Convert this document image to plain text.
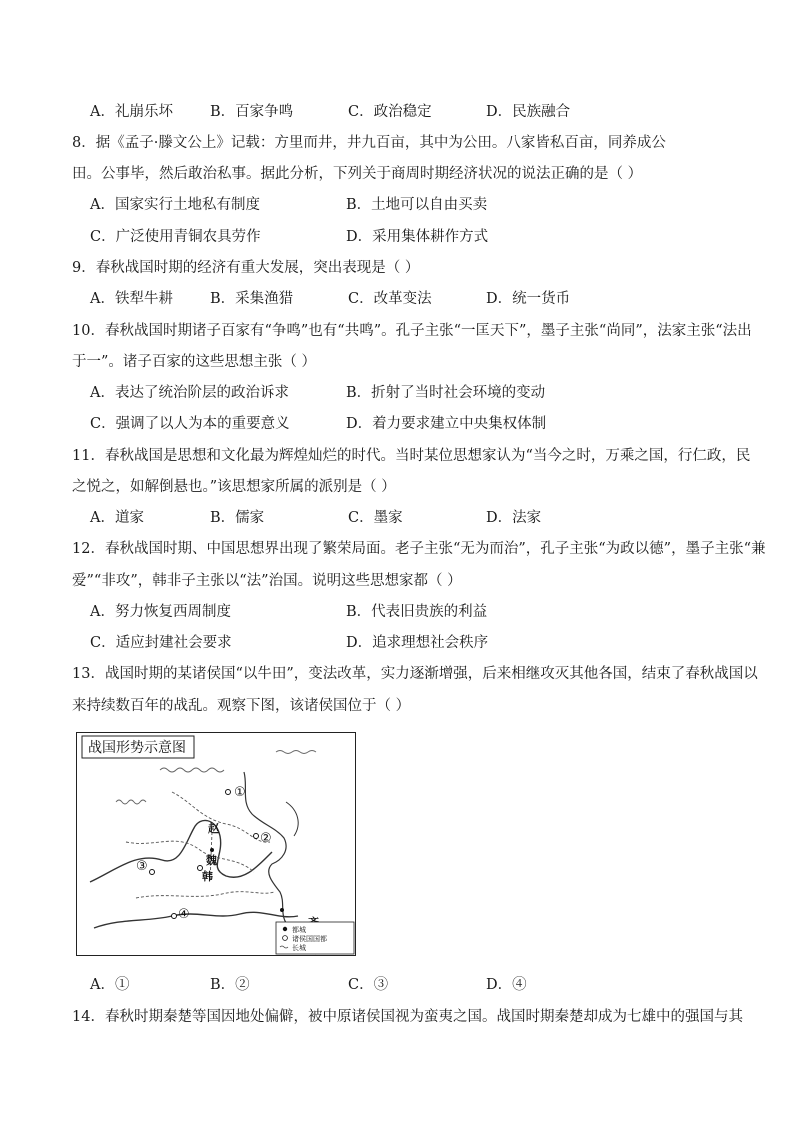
A．礼崩乐坏	B．百家争鸣	C．政治稳定	D．民族融合
8．据《孟子·滕文公上》记载：方里而井，井九百亩，其中为公田。八家皆私百亩，同养成公
田。公事毕，然后敢治私事。据此分析，下列关于商周时期经济状况的说法正确的是（ ）
A．国家实行土地私有制度	B．土地可以自由买卖
C．广泛使用青铜农具劳作	D．采用集体耕作方式
9．春秋战国时期的经济有重大发展，突出表现是（ ）
A．铁犁牛耕	B．采集渔猎	C．改革变法	D．统一货币
10．春秋战国时期诸子百家有“争鸣”也有“共鸣”。孔子主张“一匡天下”，墨子主张“尚同”，法家主张“法出
于一”。诸子百家的这些思想主张（ ）
A．表达了统治阶层的政治诉求	B．折射了当时社会环境的变动
C．强调了以人为本的重要意义	D．着力要求建立中央集权体制
11．春秋战国是思想和文化最为辉煌灿烂的时代。当时某位思想家认为“当今之时，万乘之国，行仁政，民
之悦之，如解倒悬也。”该思想家所属的派别是（ ）
A．道家	B．儒家	C．墨家	D．法家
12．春秋战国时期、中国思想界出现了繁荣局面。老子主张“无为而治”，孔子主张“为政以德”，墨子主张“兼
爱”“非攻”，韩非子主张以“法”治国。说明这些思想家都（ ）
A．努力恢复西周制度	B．代表旧贵族的利益
C．适应封建社会要求	D．追求理想社会秩序
13．战国时期的某诸侯国“以牛田”，变法改革，实力逐渐增强，后来相继攻灭其他各国，结束了春秋战国以
来持续数百年的战乱。观察下图，该诸侯国位于（ ）
战国形势示意图
赵
魏
韩
①
②
③
④
都城
诸侯国国都
长城
A．①	B．②	C．③	D．④
14．春秋时期秦楚等国因地处偏僻，被中原诸侯国视为蛮夷之国。战国时期秦楚却成为七雄中的强国与其
